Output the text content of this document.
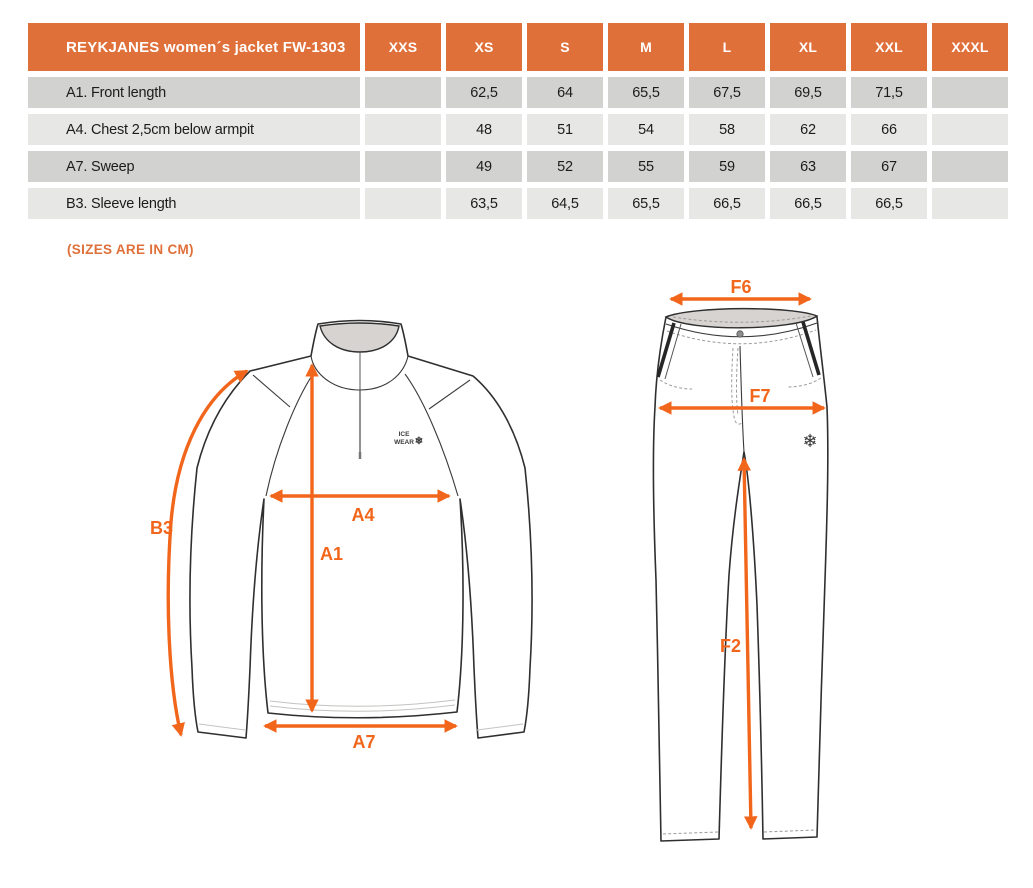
REYKJANES women´s jacket FW-1303	XXS	XS	S	M	L	XL	XXL	XXXL
A1. Front length		62,5	64	65,5	67,5	69,5	71,5	
A4. Chest 2,5cm below armpit		48	51	54	58	62	66	
A7. Sweep		49	52	55	59	63	67	
B3. Sleeve length		63,5	64,5	65,5	66,5	66,5	66,5	
(SIZES ARE IN CM)
ICE
WEAR ❄
B3
A1
A4
A7
❄
F6
F7
F2
